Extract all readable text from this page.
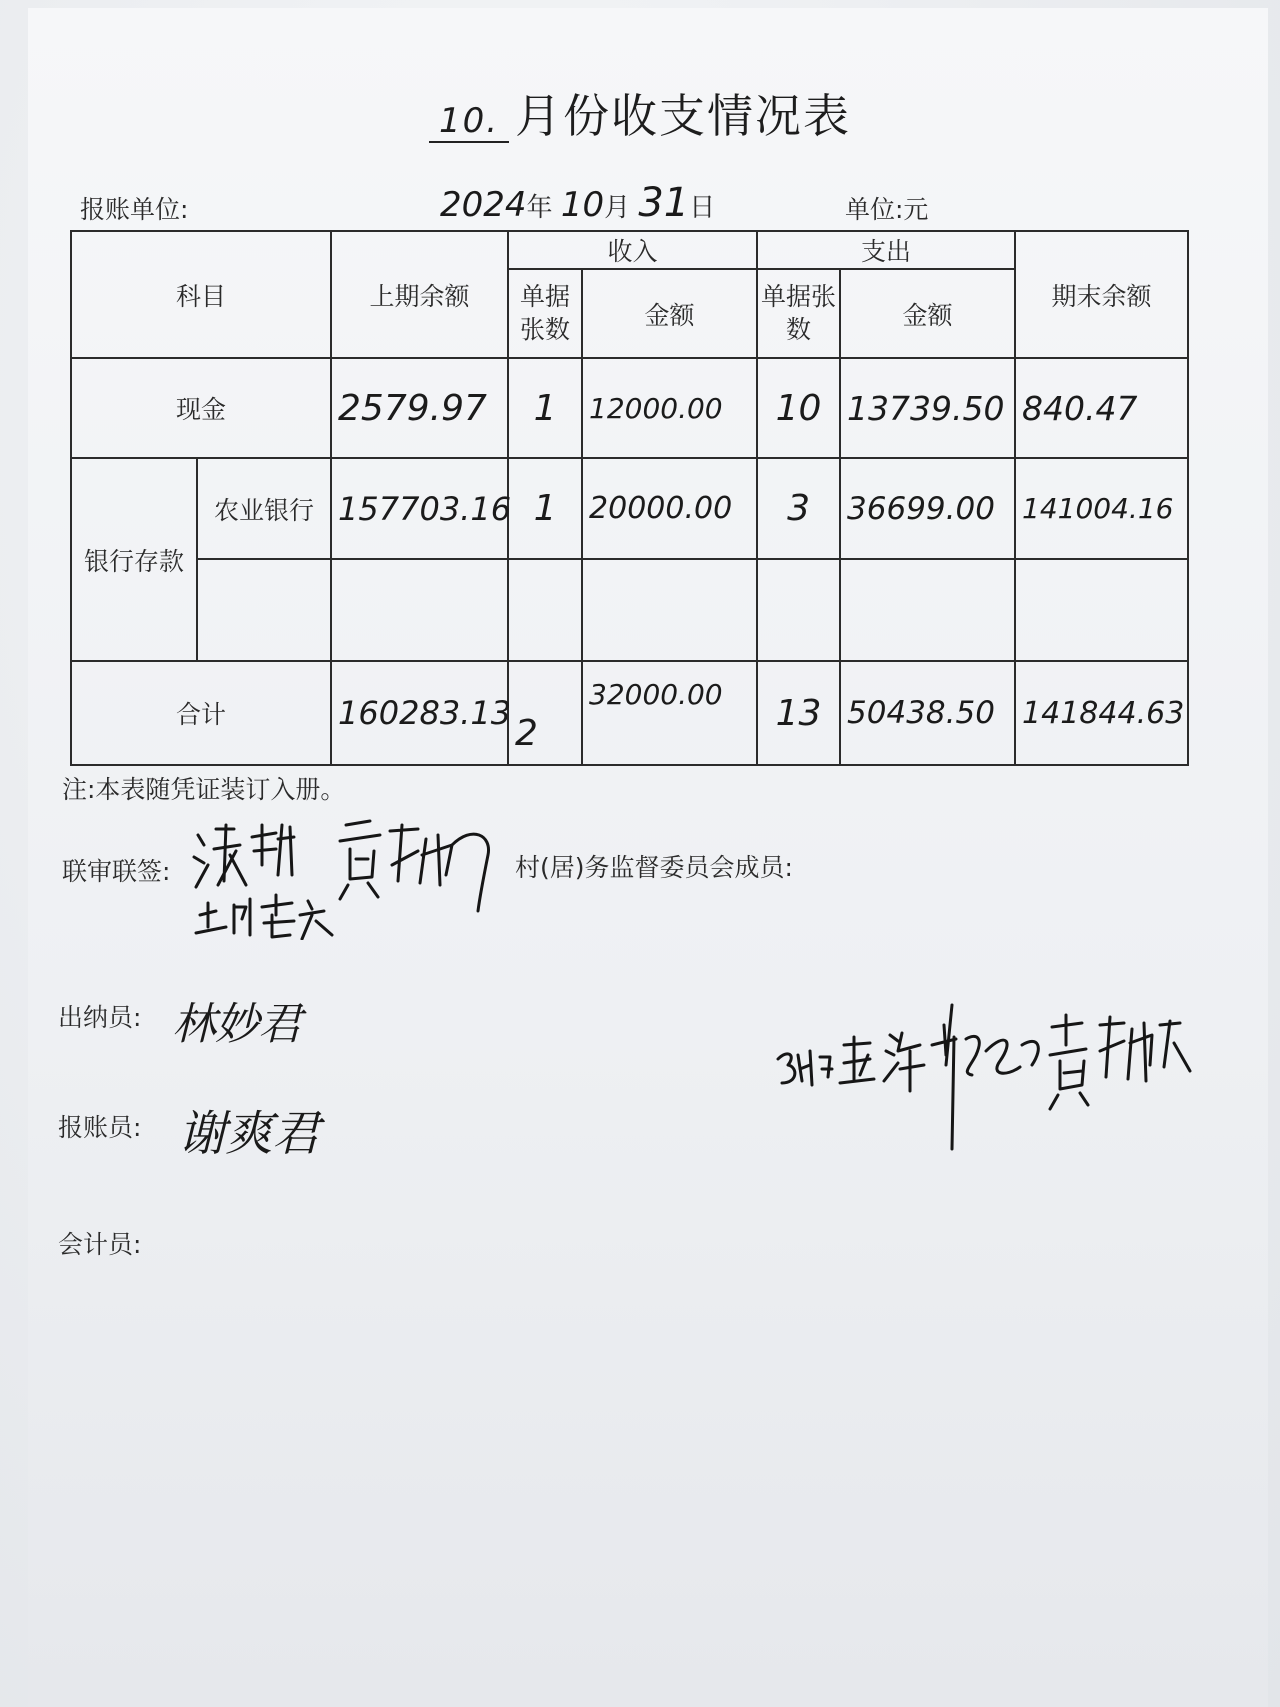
10. 月份收支情况表
报账单位:	2024年 10月 31日	单位:元
科目		上期余额	收入		支出		期末余额
			单据张数	金额	单据张数	金额	
现金		2579.97	1	12000.00	10	13739.50	840.47
银行存款	农业银行	157703.16	1	20000.00	3	36699.00	141004.16

合计		160283.13	2	32000.00	13	50438.50	141844.63
注:本表随凭证装订入册。
联审联签:	村(居)务监督委员会成员:
出纳员: 林妙君
报账员: 谢爽君
会计员:
